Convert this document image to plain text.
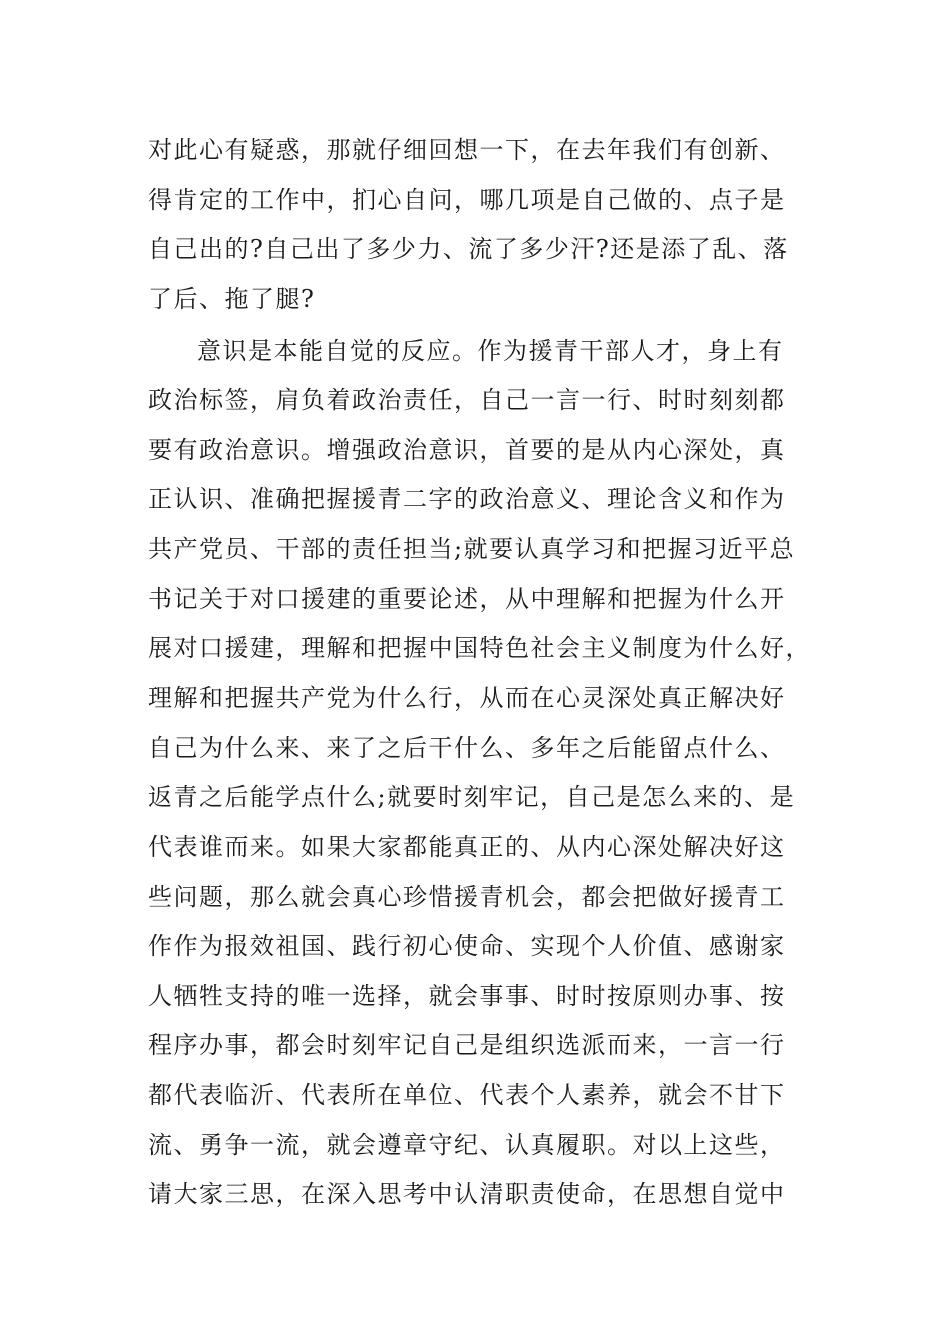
对此心有疑惑，那就仔细回想一下，在去年我们有创新、
得肯定的工作中，扪心自问，哪几项是自己做的、点子是
自己出的?自己出了多少力、流了多少汗?还是添了乱、落
了后、拖了腿?
意识是本能自觉的反应。作为援青干部人才，身上有
政治标签，肩负着政治责任，自己一言一行、时时刻刻都
要有政治意识。增强政治意识，首要的是从内心深处，真
正认识、准确把握援青二字的政治意义、理论含义和作为
共产党员、干部的责任担当;就要认真学习和把握习近平总
书记关于对口援建的重要论述，从中理解和把握为什么开
展对口援建，理解和把握中国特色社会主义制度为什么好，
理解和把握共产党为什么行，从而在心灵深处真正解决好
自己为什么来、来了之后干什么、多年之后能留点什么、
返青之后能学点什么;就要时刻牢记，自己是怎么来的、是
代表谁而来。如果大家都能真正的、从内心深处解决好这
些问题，那么就会真心珍惜援青机会，都会把做好援青工
作作为报效祖国、践行初心使命、实现个人价值、感谢家
人牺牲支持的唯一选择，就会事事、时时按原则办事、按
程序办事，都会时刻牢记自己是组织选派而来，一言一行
都代表临沂、代表所在单位、代表个人素养，就会不甘下
流、勇争一流，就会遵章守纪、认真履职。对以上这些，
请大家三思，在深入思考中认清职责使命，在思想自觉中
